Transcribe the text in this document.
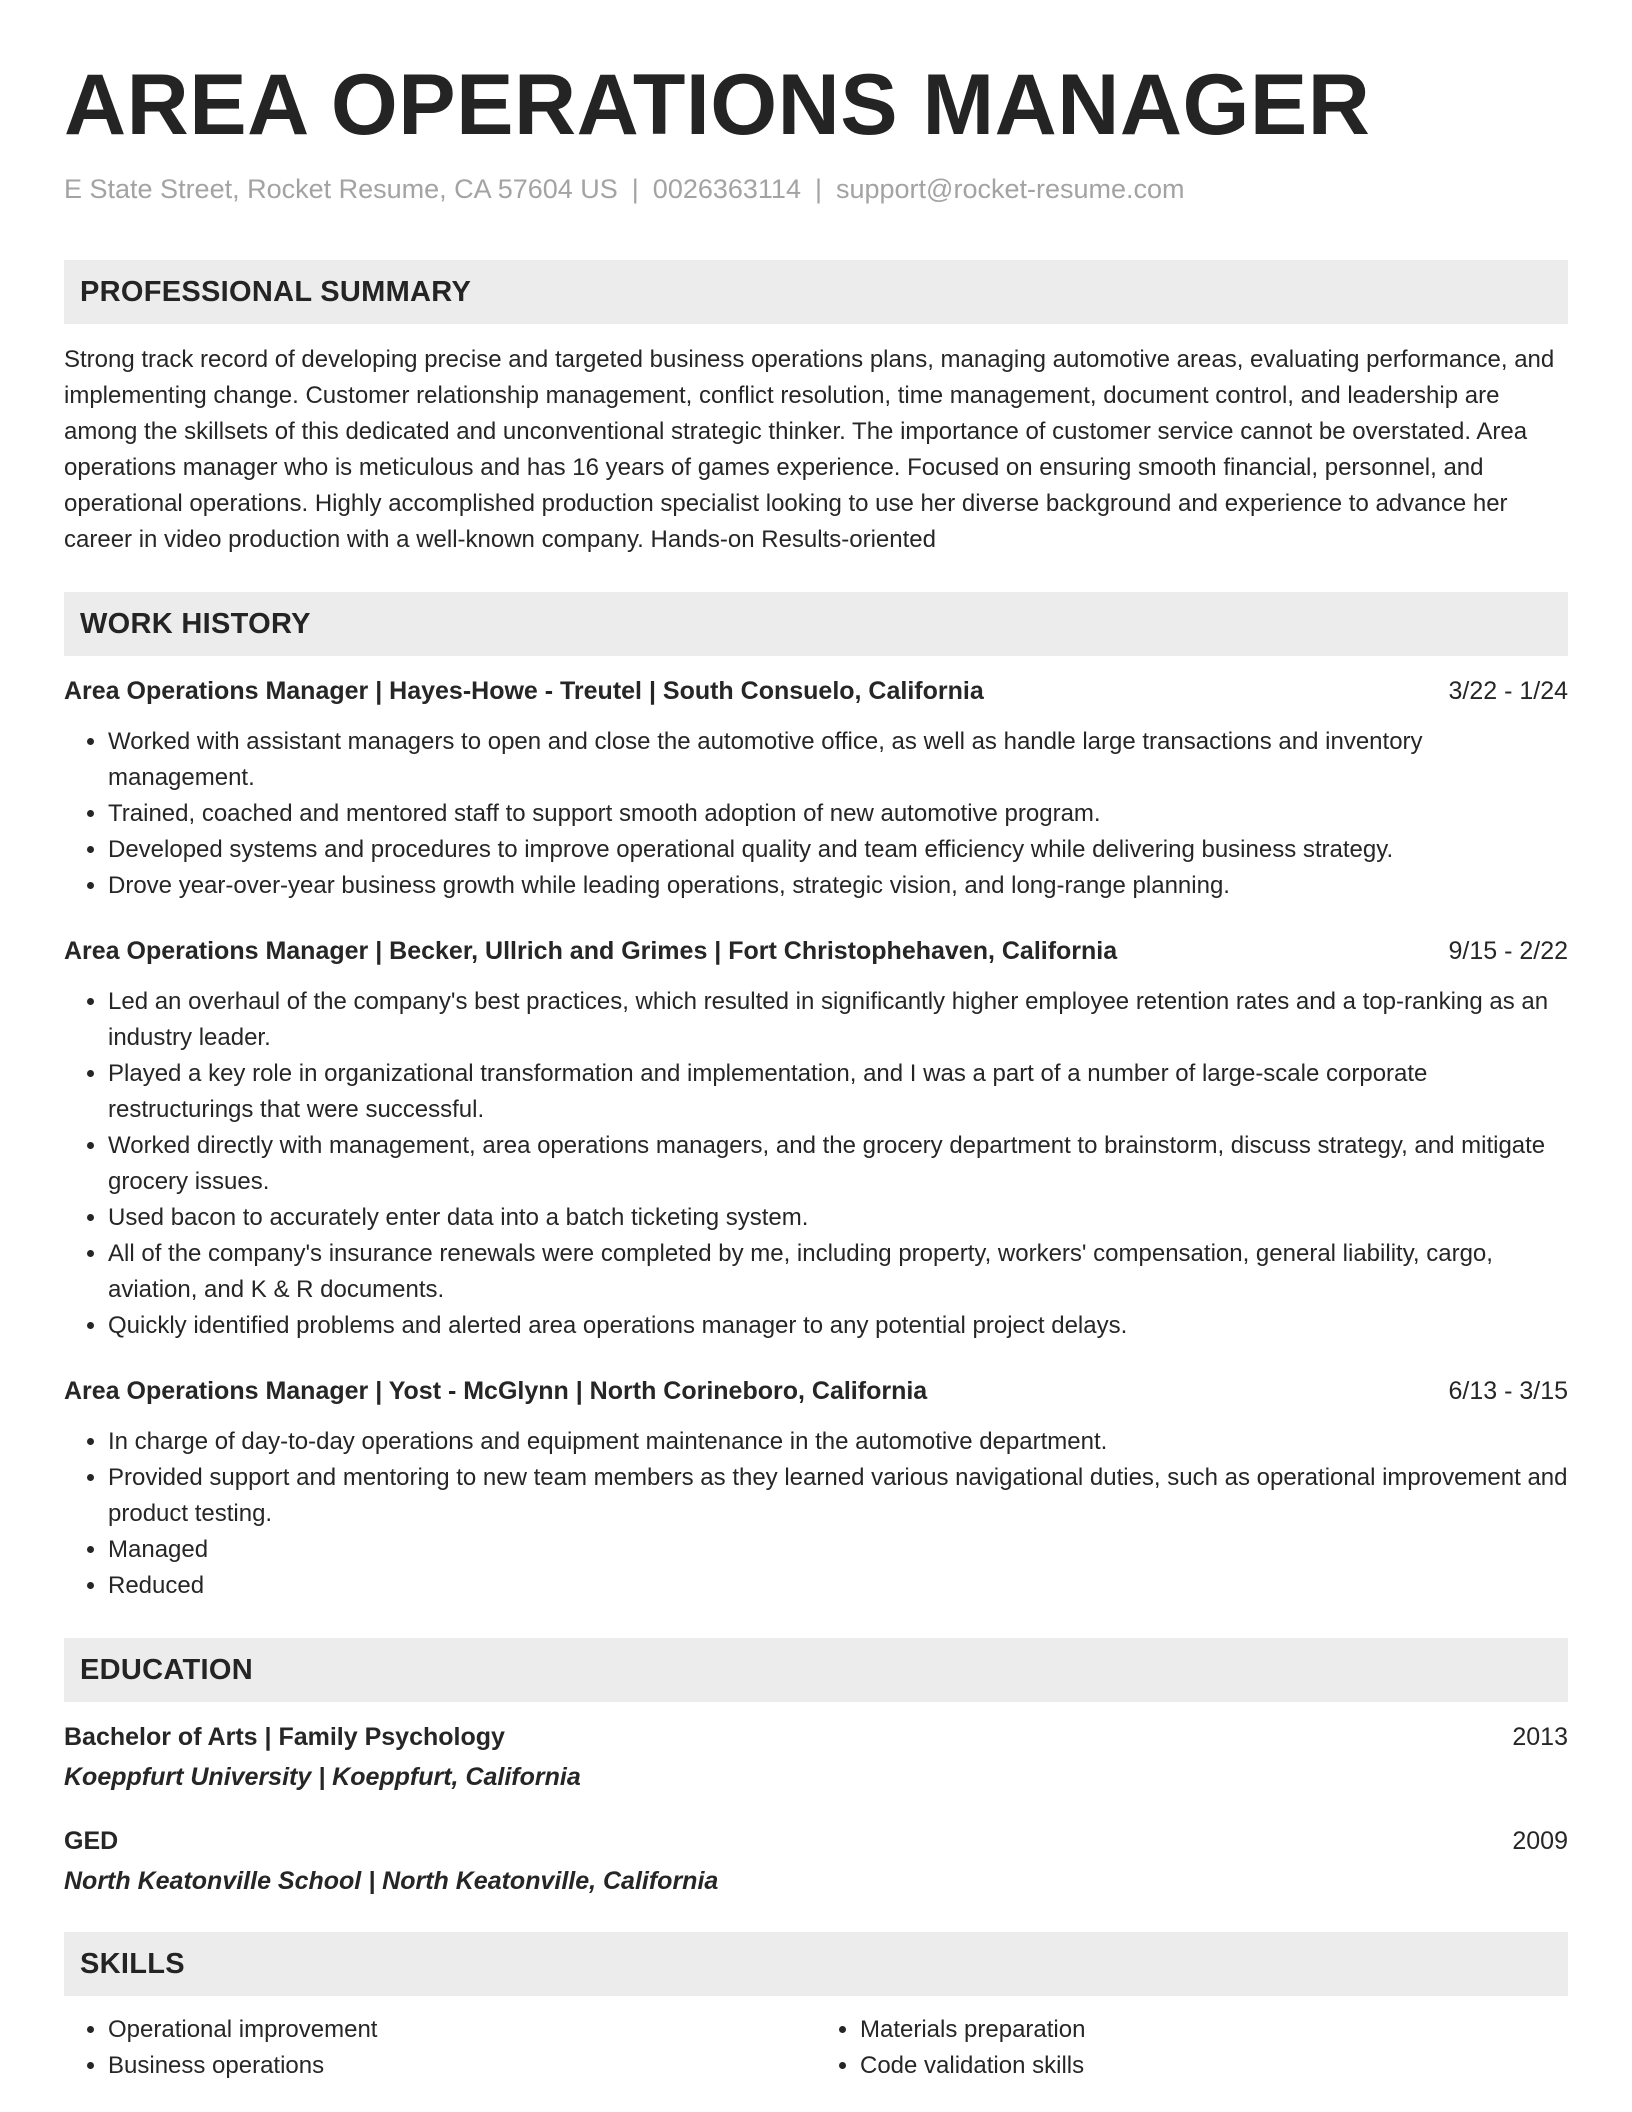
AREA OPERATIONS MANAGER
E State Street, Rocket Resume, CA 57604 US | 0026363114 | support@rocket-resume.com
PROFESSIONAL SUMMARY

Strong track record of developing precise and targeted business operations plans, managing automotive areas, evaluating performance, and implementing change. Customer relationship management, conflict resolution, time management, document control, and leadership are among the skillsets of this dedicated and unconventional strategic thinker. The importance of customer service cannot be overstated. Area operations manager who is meticulous and has 16 years of games experience. Focused on ensuring smooth financial, personnel, and operational operations. Highly accomplished production specialist looking to use her diverse background and experience to advance her career in video production with a well-known company. Hands-on Results-oriented

WORK HISTORY
Area Operations Manager | Hayes-Howe - Treutel | South Consuelo, California	3/22 - 1/24
• Worked with assistant managers to open and close the automotive office, as well as handle large transactions and inventory management.
• Trained, coached and mentored staff to support smooth adoption of new automotive program.
• Developed systems and procedures to improve operational quality and team efficiency while delivering business strategy.
• Drove year-over-year business growth while leading operations, strategic vision, and long-range planning.
Area Operations Manager | Becker, Ullrich and Grimes | Fort Christophehaven, California	9/15 - 2/22
• Led an overhaul of the company's best practices, which resulted in significantly higher employee retention rates and a top-ranking as an industry leader.
• Played a key role in organizational transformation and implementation, and I was a part of a number of large-scale corporate restructurings that were successful.
• Worked directly with management, area operations managers, and the grocery department to brainstorm, discuss strategy, and mitigate grocery issues.
• Used bacon to accurately enter data into a batch ticketing system.
• All of the company's insurance renewals were completed by me, including property, workers' compensation, general liability, cargo, aviation, and K & R documents.
• Quickly identified problems and alerted area operations manager to any potential project delays.
Area Operations Manager | Yost - McGlynn | North Corineboro, California	6/13 - 3/15
• In charge of day-to-day operations and equipment maintenance in the automotive department.
• Provided support and mentoring to new team members as they learned various navigational duties, such as operational improvement and product testing.
• Managed
• Reduced
EDUCATION
Bachelor of Arts | Family Psychology	2013
Koeppfurt University | Koeppfurt, California
GED	2009
North Keatonville School | North Keatonville, California
SKILLS
• Operational improvement
• Business operations
• Materials preparation
• Code validation skills
